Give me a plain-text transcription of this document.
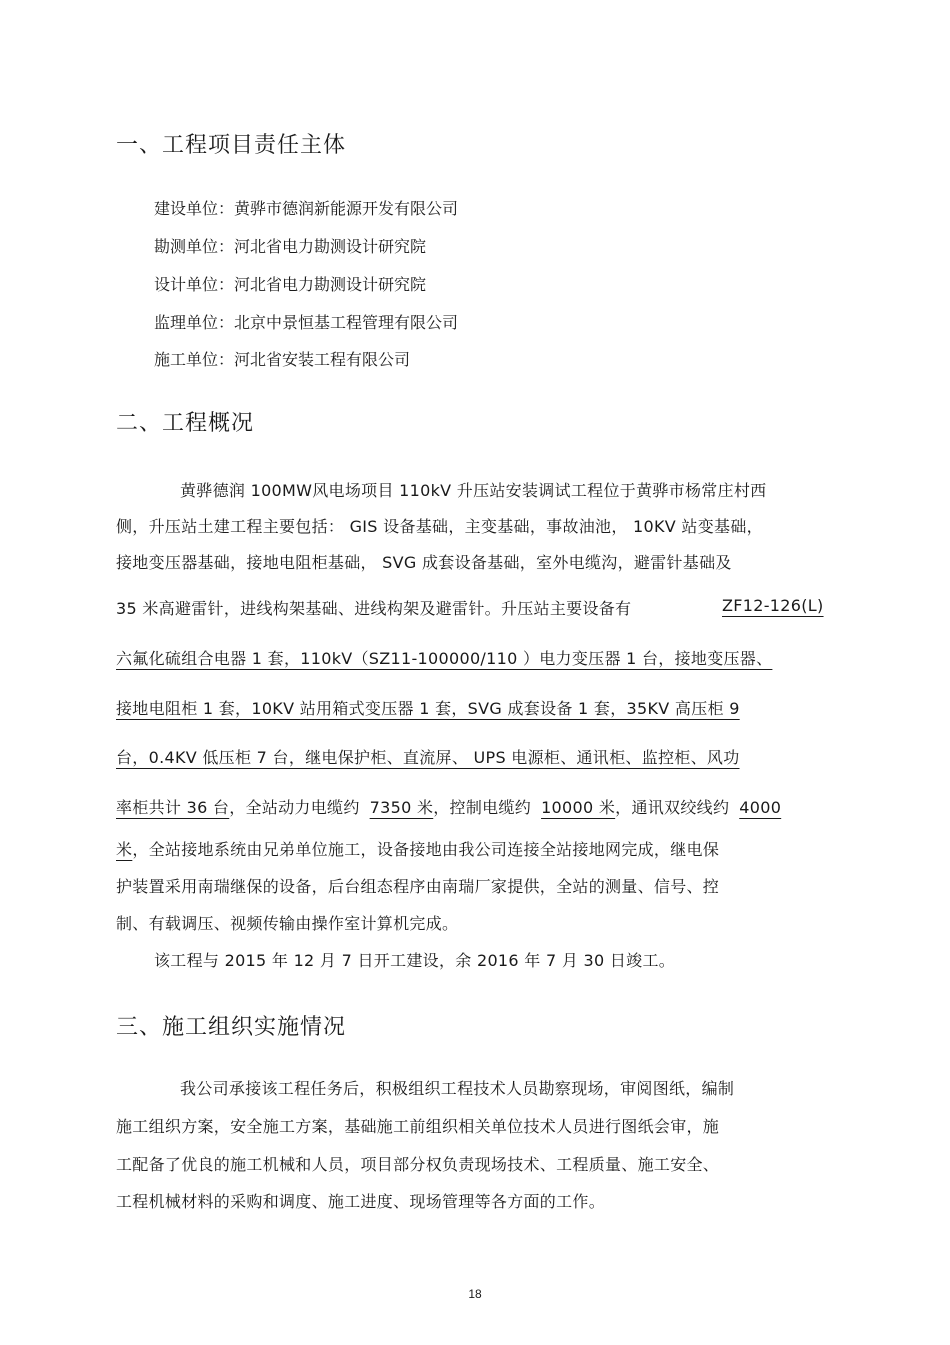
一、工程项目责任主体
建设单位：黄骅市德润新能源开发有限公司
勘测单位：河北省电力勘测设计研究院
设计单位：河北省电力勘测设计研究院
监理单位：北京中景恒基工程管理有限公司
施工单位：河北省安装工程有限公司
二、工程概况
黄骅德润 100MW风电场项目 110kV 升压站安装调试工程位于黄骅市杨常庄村西
侧，升压站土建工程主要包括： GIS 设备基础，主变基础，事故油池， 10KV 站变基础，
接地变压器基础，接地电阻柜基础， SVG 成套设备基础，室外电缆沟，避雷针基础及
35 米高避雷针，进线构架基础、进线构架及避雷针。升压站主要设备有	ZF12-126(L)
六氟化硫组合电器 1 套，110kV（SZ11-100000/110 ）电力变压器 1 台，接地变压器、
接地电阻柜 1 套，10KV 站用箱式变压器 1 套，SVG 成套设备 1 套，35KV 高压柜 9
台，0.4KV 低压柜 7 台，继电保护柜、直流屏、 UPS 电源柜、通讯柜、监控柜、风功
率柜共计 36 台，全站动力电缆约 7350 米，控制电缆约 10000 米，通讯双绞线约 4000
米，全站接地系统由兄弟单位施工，设备接地由我公司连接全站接地网完成，继电保
护装置采用南瑞继保的设备，后台组态程序由南瑞厂家提供，全站的测量、信号、控
制、有载调压、视频传输由操作室计算机完成。
该工程与 2015 年 12 月 7 日开工建设，余 2016 年 7 月 30 日竣工。
三、施工组织实施情况
我公司承接该工程任务后，积极组织工程技术人员勘察现场，审阅图纸，编制
施工组织方案，安全施工方案，基础施工前组织相关单位技术人员进行图纸会审，施
工配备了优良的施工机械和人员，项目部分权负责现场技术、工程质量、施工安全、
工程机械材料的采购和调度、施工进度、现场管理等各方面的工作。
18
